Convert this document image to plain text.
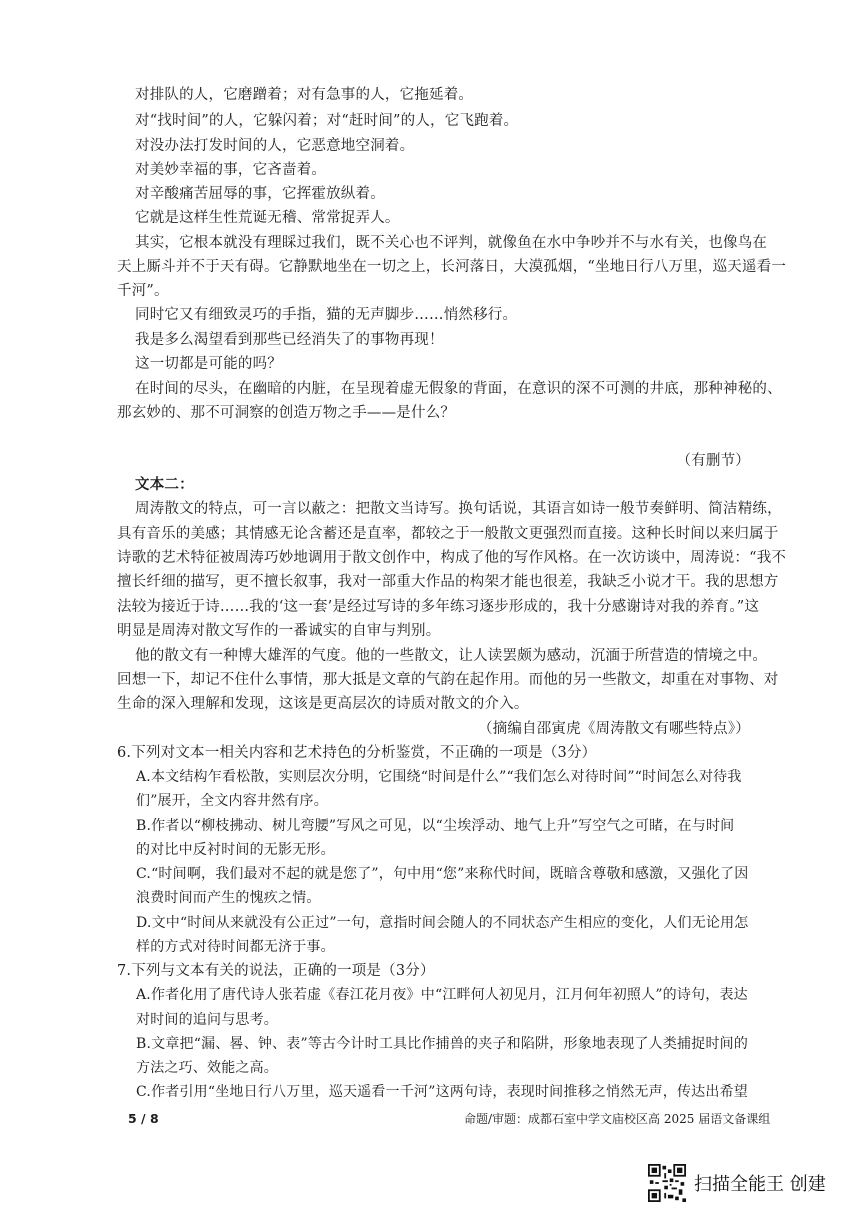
对排队的人，它磨蹭着；对有急事的人，它拖延着。
对“找时间”的人，它躲闪着；对“赶时间”的人，它飞跑着。
对没办法打发时间的人，它恶意地空洞着。
对美妙幸福的事，它吝啬着。
对辛酸痛苦屈辱的事，它挥霍放纵着。
它就是这样生性荒诞无稽、常常捉弄人。
其实，它根本就没有理睬过我们，既不关心也不评判，就像鱼在水中争吵并不与水有关，也像鸟在
天上厮斗并不于天有碍。它静默地坐在一切之上，长河落日，大漠孤烟，“坐地日行八万里，巡天遥看一
千河”。
同时它又有细致灵巧的手指，猫的无声脚步……悄然移行。
我是多么渴望看到那些已经消失了的事物再现！
这一切都是可能的吗？
在时间的尽头，在幽暗的内脏，在呈现着虚无假象的背面，在意识的深不可测的井底，那种神秘的、
那玄妙的、那不可洞察的创造万物之手——是什么？
（有删节）
文本二：
周涛散文的特点，可一言以蔽之：把散文当诗写。换句话说，其语言如诗一般节奏鲜明、简洁精练，
具有音乐的美感；其情感无论含蓄还是直率，都较之于一般散文更强烈而直接。这种长时间以来归属于
诗歌的艺术特征被周涛巧妙地调用于散文创作中，构成了他的写作风格。在一次访谈中，周涛说：“我不
擅长纤细的描写，更不擅长叙事，我对一部重大作品的构架才能也很差，我缺乏小说才干。我的思想方
法较为接近于诗……我的‘这一套’是经过写诗的多年练习逐步形成的，我十分感谢诗对我的养育。”这
明显是周涛对散文写作的一番诚实的自审与判别。
他的散文有一种博大雄浑的气度。他的一些散文，让人读罢颇为感动，沉湎于所营造的情境之中。
回想一下，却记不住什么事情，那大抵是文章的气韵在起作用。而他的另一些散文，却重在对事物、对
生命的深入理解和发现，这该是更高层次的诗质对散文的介入。
（摘编自邵寅虎《周涛散文有哪些特点》）
6.下列对文本一相关内容和艺术持色的分析鉴赏，不正确的一项是（3分）
A.本文结构乍看松散，实则层次分明，它围绕“时间是什么”“我们怎么对待时间”“时间怎么对待我
们”展开，全文内容井然有序。
B.作者以“柳枝拂动、树儿弯腰”写风之可见，以“尘埃浮动、地气上升”写空气之可睹，在与时间
的对比中反衬时间的无影无形。
C.“时间啊，我们最对不起的就是您了”，句中用“您”来称代时间，既暗含尊敬和感激，又强化了因
浪费时间而产生的愧疚之情。
D.文中“时间从来就没有公正过”一句，意指时间会随人的不同状态产生相应的变化，人们无论用怎
样的方式对待时间都无济于事。
7.下列与文本有关的说法，正确的一项是（3分）
A.作者化用了唐代诗人张若虚《春江花月夜》中“江畔何人初见月，江月何年初照人”的诗句，表达
对时间的追问与思考。
B.文章把“漏、晷、钟、表”等古今计时工具比作捕兽的夹子和陷阱，形象地表现了人类捕捉时间的
方法之巧、效能之高。
C.作者引用“坐地日行八万里，巡天遥看一千河”这两句诗，表现时间推移之悄然无声，传达出希望
5 / 8	命题/审题：成都石室中学文庙校区高 2025 届语文备课组
扫描全能王 创建
